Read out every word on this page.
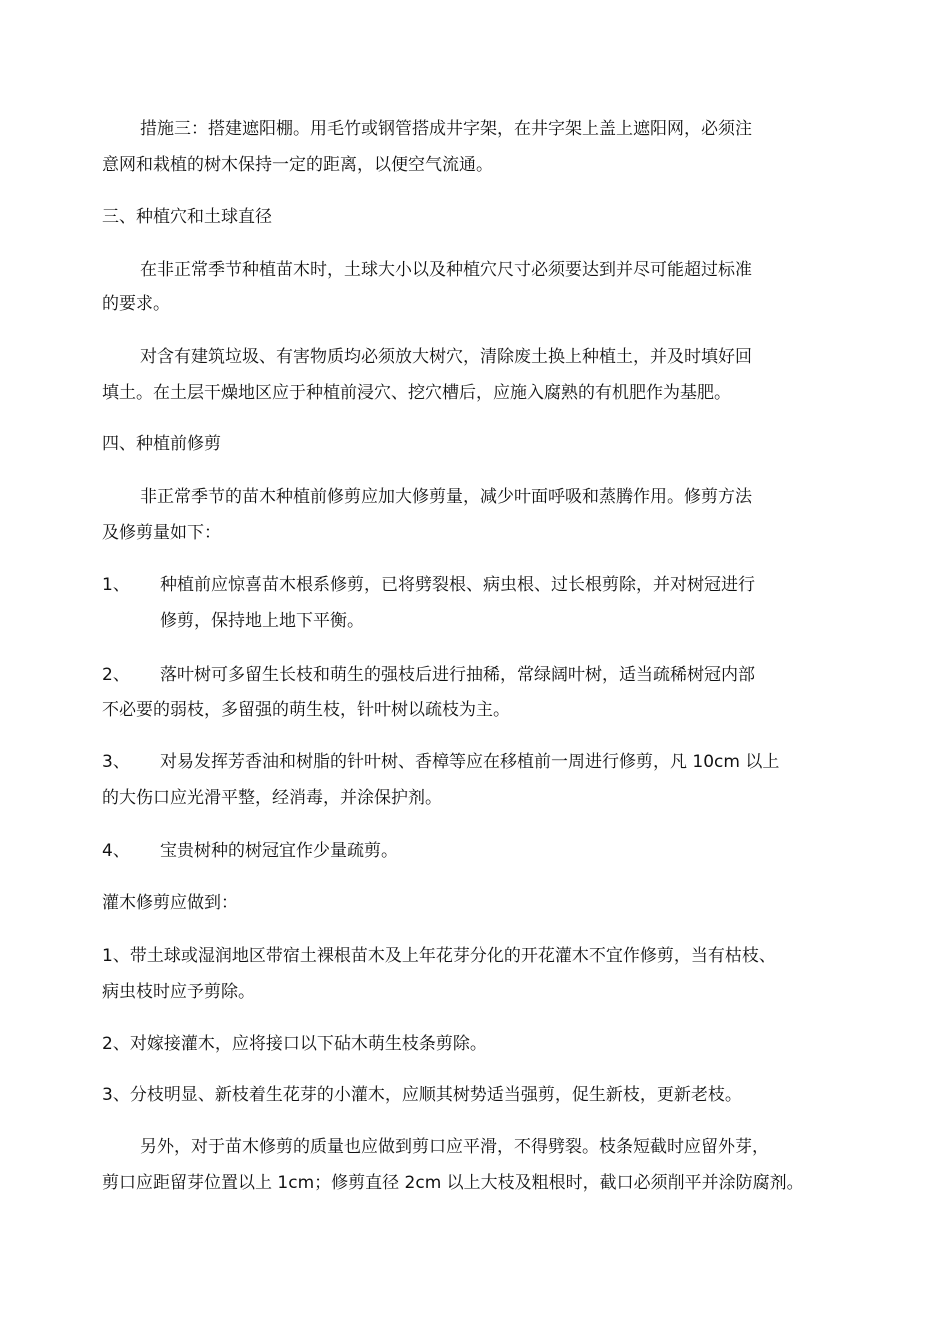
措施三：搭建遮阳棚。用毛竹或钢管搭成井字架，在井字架上盖上遮阳网，必须注
意网和栽植的树木保持一定的距离，以便空气流通。
三、种植穴和土球直径
在非正常季节种植苗木时，土球大小以及种植穴尺寸必须要达到并尽可能超过标准
的要求。
对含有建筑垃圾、有害物质均必须放大树穴，清除废土换上种植土，并及时填好回
填土。在土层干燥地区应于种植前浸穴、挖穴槽后，应施入腐熟的有机肥作为基肥。
四、种植前修剪
非正常季节的苗木种植前修剪应加大修剪量，减少叶面呼吸和蒸腾作用。修剪方法
及修剪量如下：
1、 种植前应惊喜苗木根系修剪，已将劈裂根、病虫根、过长根剪除，并对树冠进行
修剪，保持地上地下平衡。
2、 落叶树可多留生长枝和萌生的强枝后进行抽稀，常绿阔叶树，适当疏稀树冠内部
不必要的弱枝，多留强的萌生枝，针叶树以疏枝为主。
3、 对易发挥芳香油和树脂的针叶树、香樟等应在移植前一周进行修剪，凡 10cm 以上
的大伤口应光滑平整，经消毒，并涂保护剂。
4、 宝贵树种的树冠宜作少量疏剪。
灌木修剪应做到：
1、带土球或湿润地区带宿土裸根苗木及上年花芽分化的开花灌木不宜作修剪，当有枯枝、
病虫枝时应予剪除。
2、对嫁接灌木，应将接口以下砧木萌生枝条剪除。
3、分枝明显、新枝着生花芽的小灌木，应顺其树势适当强剪，促生新枝，更新老枝。
另外，对于苗木修剪的质量也应做到剪口应平滑，不得劈裂。枝条短截时应留外芽，
剪口应距留芽位置以上 1cm；修剪直径 2cm 以上大枝及粗根时，截口必须削平并涂防腐剂。
